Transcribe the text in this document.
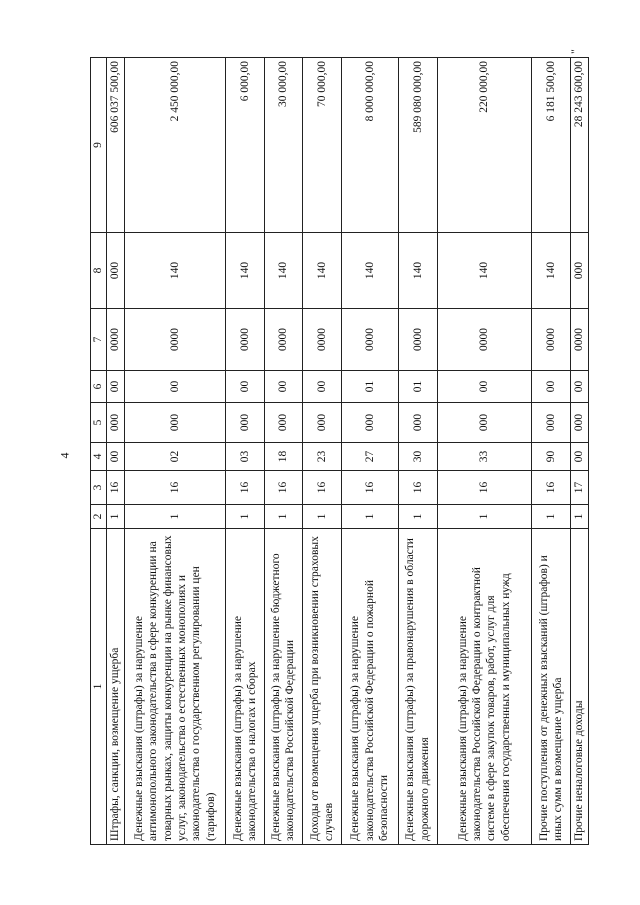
4
1	2	3	4	5	6	7	8	9
Штрафы, санкции, возмещение ущерба	1	16	00	000	00	0000	000	606 037 500,00
Денежные взыскания (штрафы) за нарушение антимонопольного законодательства в сфере конкуренции на товарных рынках, защиты конкуренции на рынке финансовых услуг, законодательства о естественных монополиях и законодательства о государственном регулировании цен (тарифов)	1	16	02	000	00	0000	140	2 450 000,00
Денежные взыскания (штрафы) за нарушение законодательства о налогах и сборах	1	16	03	000	00	0000	140	6 000,00
Денежные взыскания (штрафы) за нарушение бюджетного законодательства Российской Федерации	1	16	18	000	00	0000	140	30 000,00
Доходы от возмещения ущерба при возникновении страховых случаев	1	16	23	000	00	0000	140	70 000,00
Денежные взыскания (штрафы) за нарушение законодательства Российской Федерации о пожарной безопасности	1	16	27	000	01	0000	140	8 000 000,00
Денежные взыскания (штрафы) за правонарушения в области дорожного движения	1	16	30	000	01	0000	140	589 080 000,00
Денежные взыскания (штрафы) за нарушение законодательства Российской Федерации о контрактной системе в сфере закупок товаров, работ, услуг для обеспечения государственных и муниципальных нужд	1	16	33	000	00	0000	140	220 000,00
Прочие поступления от денежных взысканий (штрафов) и иных сумм в возмещение ущерба	1	16	90	000	00	0000	140	6 181 500,00
Прочие неналоговые доходы	1	17	00	000	00	0000	000	28 243 600,00
"
